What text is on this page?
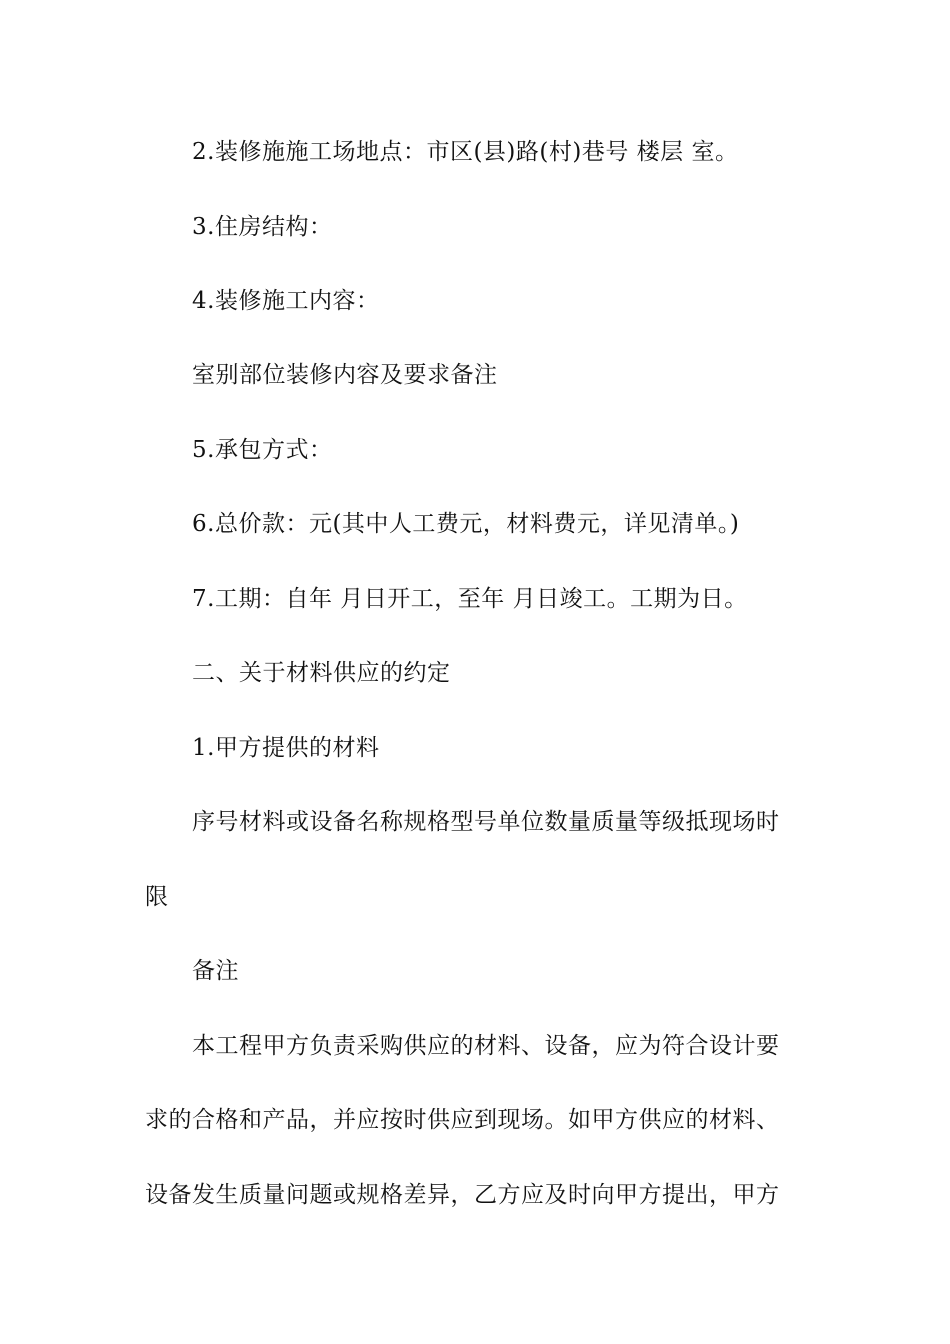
2.装修施施工场地点：市区(县)路(村)巷号 楼层 室。

3.住房结构：

4.装修施工内容：

室别部位装修内容及要求备注

5.承包方式：

6.总价款：元(其中人工费元，材料费元，详见清单。)

7.工期：自年 月日开工，至年 月日竣工。工期为日。

二、关于材料供应的约定

1.甲方提供的材料

序号材料或设备名称规格型号单位数量质量等级抵现场时

限

备注

本工程甲方负责采购供应的材料、设备，应为符合设计要

求的合格和产品，并应按时供应到现场。如甲方供应的材料、

设备发生质量问题或规格差异，乙方应及时向甲方提出，甲方
